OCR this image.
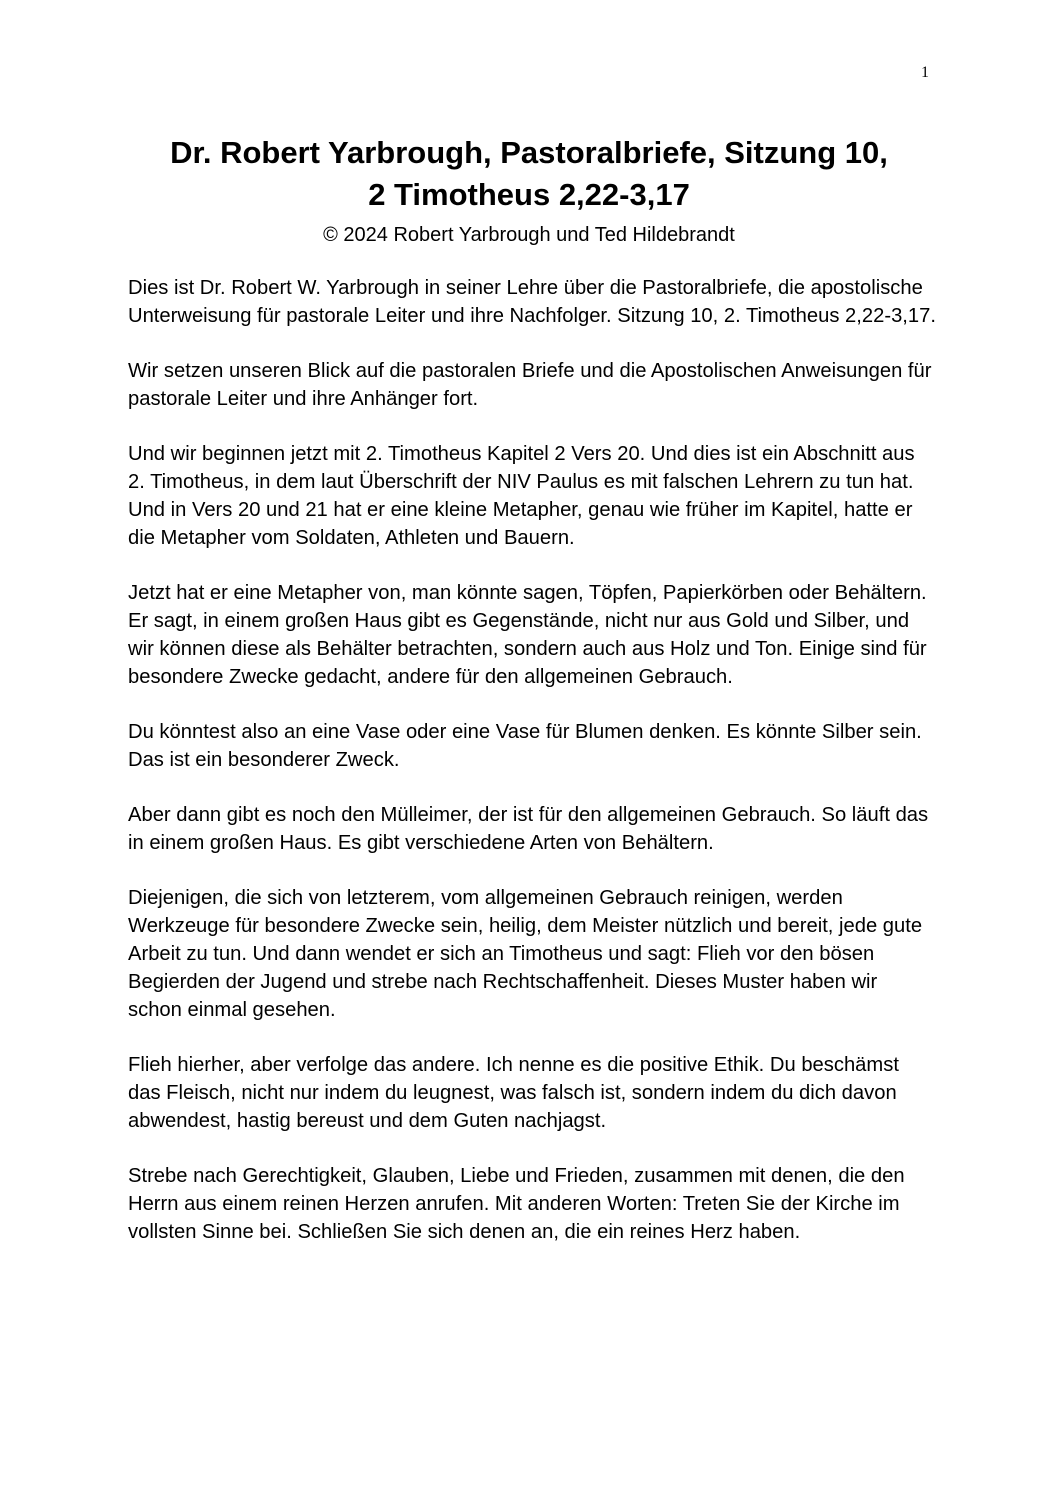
1
Dr. Robert Yarbrough, Pastoralbriefe, Sitzung 10,
2 Timotheus 2,22-3,17
© 2024 Robert Yarbrough und Ted Hildebrandt

Dies ist Dr. Robert W. Yarbrough in seiner Lehre über die Pastoralbriefe, die apostolische Unterweisung für pastorale Leiter und ihre Nachfolger. Sitzung 10, 2. Timotheus 2,22-3,17.

Wir setzen unseren Blick auf die pastoralen Briefe und die Apostolischen Anweisungen für pastorale Leiter und ihre Anhänger fort.

Und wir beginnen jetzt mit 2. Timotheus Kapitel 2 Vers 20. Und dies ist ein Abschnitt aus 2. Timotheus, in dem laut Überschrift der NIV Paulus es mit falschen Lehrern zu tun hat. Und in Vers 20 und 21 hat er eine kleine Metapher, genau wie früher im Kapitel, hatte er die Metapher vom Soldaten, Athleten und Bauern.

Jetzt hat er eine Metapher von, man könnte sagen, Töpfen, Papierkörben oder Behältern. Er sagt, in einem großen Haus gibt es Gegenstände, nicht nur aus Gold und Silber, und wir können diese als Behälter betrachten, sondern auch aus Holz und Ton. Einige sind für besondere Zwecke gedacht, andere für den allgemeinen Gebrauch.

Du könntest also an eine Vase oder eine Vase für Blumen denken. Es könnte Silber sein. Das ist ein besonderer Zweck.

Aber dann gibt es noch den Mülleimer, der ist für den allgemeinen Gebrauch. So läuft das in einem großen Haus. Es gibt verschiedene Arten von Behältern.

Diejenigen, die sich von letzterem, vom allgemeinen Gebrauch reinigen, werden Werkzeuge für besondere Zwecke sein, heilig, dem Meister nützlich und bereit, jede gute Arbeit zu tun. Und dann wendet er sich an Timotheus und sagt: Flieh vor den bösen Begierden der Jugend und strebe nach Rechtschaffenheit. Dieses Muster haben wir schon einmal gesehen.

Flieh hierher, aber verfolge das andere. Ich nenne es die positive Ethik. Du beschämst das Fleisch, nicht nur indem du leugnest, was falsch ist, sondern indem du dich davon abwendest, hastig bereust und dem Guten nachjagst.

Strebe nach Gerechtigkeit, Glauben, Liebe und Frieden, zusammen mit denen, die den Herrn aus einem reinen Herzen anrufen. Mit anderen Worten: Treten Sie der Kirche im vollsten Sinne bei. Schließen Sie sich denen an, die ein reines Herz haben.
